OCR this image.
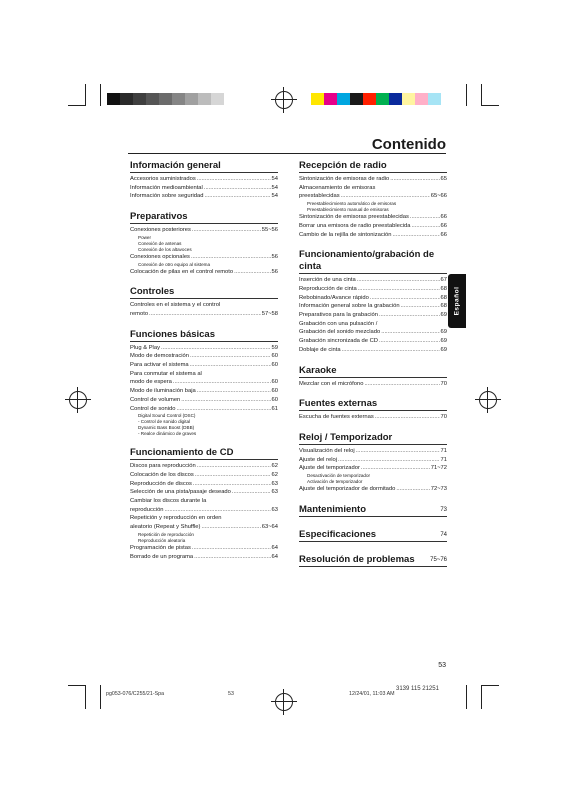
Contenido
Español
Información general
Accesorios suministrados .....	54
Información medioambiental .....	54
Información sobre seguridad .....	54
Preparativos
Conexiones posteriores .....	55~56
Power
Conexión de antenas
Conexión de los altavoces
Conexiones opcionales .....	56
Conexión de otro equipo al sistema
Colocación de pilas en el control remoto .....	56
Controles
Controles en el sistema y el control
remoto .....	57~58
Funciones básicas
Plug & Play .....	59
Modo de demostración .....	60
Para activar el sistema .....	60
Para conmutar el sistema al
modo de espera .....	60
Modo de iluminación baja .....	60
Control de volumen .....	60
Control de sonido .....	61
Digital Sound Control (DSC)
- Control de sonido digital
Dynamic Bass Boost (DBB)
- Realce dinámico de graves
Funcionamiento de CD
Discos para reproducción .....	62
Colocación de los discos .....	62
Reproducción de discos .....	63
Selección de una pista/pasaje deseado .....	63
Cambiar los discos durante la
reproducción .....	63
Repetición y reproducción en orden
aleatorio (Repeat y Shuffle) .....	63~64
Repetición de reproducción
Reproducción aleatoria
Programación de pistas .....	64
Borrado de un programa .....	64
Recepción de radio
Sintonización de emisoras de radio .....	65
Almacenamiento de emisoras
preestablecidas .....	65~66
Preestablecimiento automático de emisoras
Preestablecimiento manual de emisoras
Sintonización de emisoras preestablecidas .....	66
Borrar una emisora de radio preestablecida .....	66
Cambio de la rejilla de sintonización .....	66
Funcionamiento/grabación de cinta
Inserción de una cinta .....	67
Reproducción de cinta .....	68
Rebobinado/Avance rápido .....	68
Información general sobre la grabación .....	68
Preparativos para la grabación .....	69
Grabación con una pulsación /
Grabación del sonido mezclado .....	69
Grabación sincronizada de CD .....	69
Doblaje de cinta .....	69
Karaoke
Mezclar con el micrófono .....	70
Fuentes externas
Escucha de fuentes externas .....	70
Reloj / Temporizador
Visualización del reloj .....	71
Ajuste del reloj .....	71
Ajuste del temporizador .....	71~72
Desactivación de temporizador
Activación de temporizador
Ajuste del temporizador de dormitado .....	72~73
Mantenimiento	73
Especificaciones	74
Resolución de problemas	75~76
53
pg053-076/C255/21-Spa	53	12/24/01, 11:03 AM
3139 115 21251
